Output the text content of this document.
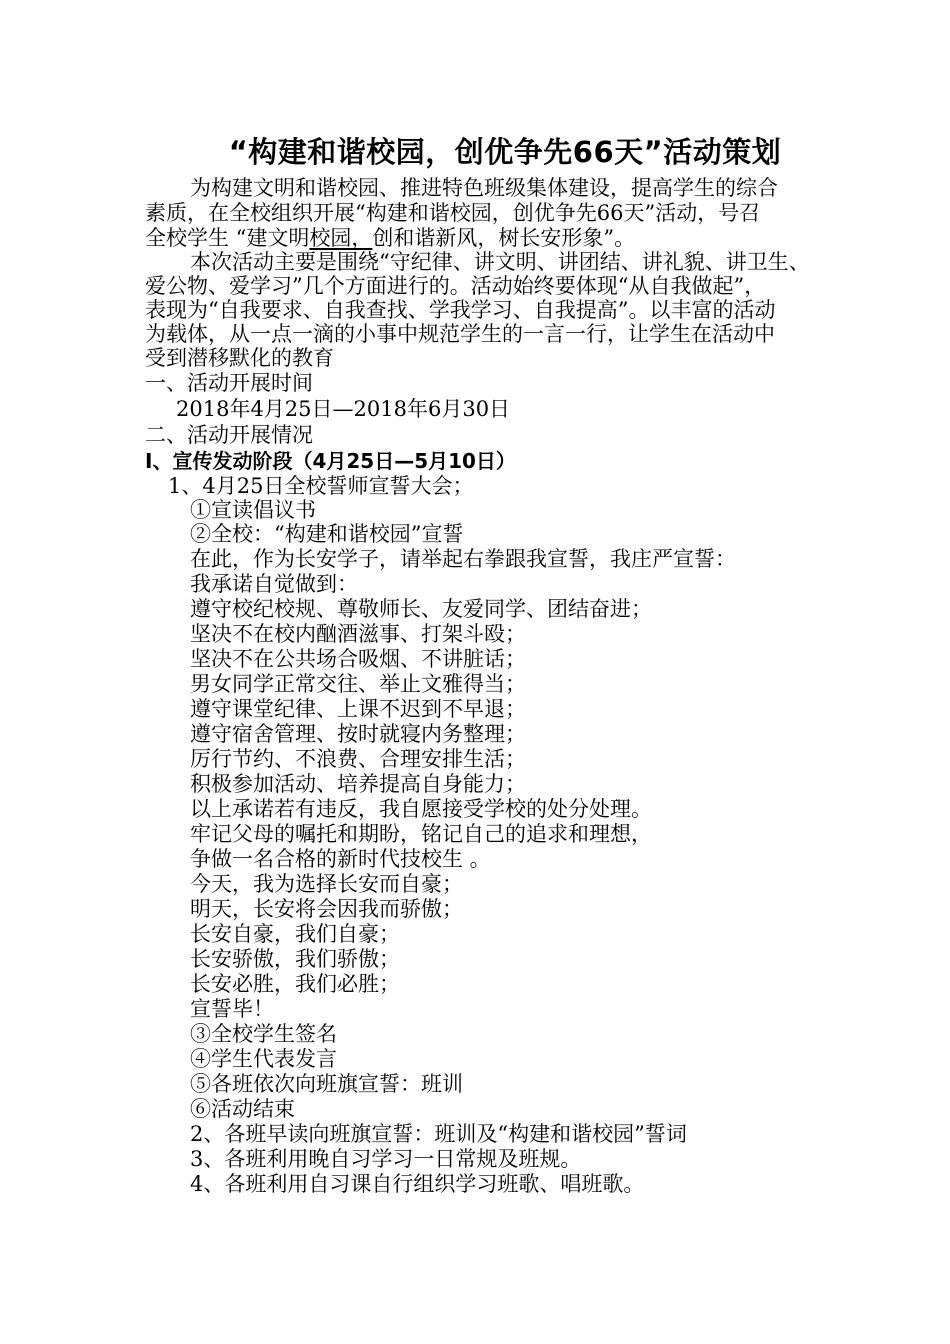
“构建和谐校园，创优争先66天”活动策划
为构建文明和谐校园、推进特色班级集体建设，提高学生的综合
素质，在全校组织开展“构建和谐校园，创优争先66天”活动，号召
全校学生 “建文明校园，创和谐新风，树长安形象”。
本次活动主要是围绕“守纪律、讲文明、讲团结、讲礼貌、讲卫生、
爱公物、爱学习”几个方面进行的。活动始终要体现“从自我做起”，
表现为“自我要求、自我查找、学我学习、自我提高”。以丰富的活动
为载体，从一点一滴的小事中规范学生的一言一行，让学生在活动中
受到潜移默化的教育
一、活动开展时间
2018年4月25日—2018年6月30日
二、活动开展情况
I、宣传发动阶段（4月25日—5月10日）
1、4月25日全校誓师宣誓大会；
①宣读倡议书
②全校：“构建和谐校园”宣誓
在此，作为长安学子，请举起右拳跟我宣誓，我庄严宣誓：
我承诺自觉做到：
遵守校纪校规、尊敬师长、友爱同学、团结奋进；
坚决不在校内酗酒滋事、打架斗殴；
坚决不在公共场合吸烟、不讲脏话；
男女同学正常交往、举止文雅得当；
遵守课堂纪律、上课不迟到不早退；
遵守宿舍管理、按时就寝内务整理；
厉行节约、不浪费、合理安排生活；
积极参加活动、培养提高自身能力；
以上承诺若有违反，我自愿接受学校的处分处理。
牢记父母的嘱托和期盼，铭记自己的追求和理想，
争做一名合格的新时代技校生 。
今天，我为选择长安而自豪；
明天，长安将会因我而骄傲；
长安自豪，我们自豪；
长安骄傲，我们骄傲；
长安必胜，我们必胜；
宣誓毕！
③全校学生签名
④学生代表发言
⑤各班依次向班旗宣誓：班训
⑥活动结束
2、各班早读向班旗宣誓：班训及“构建和谐校园”誓词
3、各班利用晚自习学习一日常规及班规。
4、各班利用自习课自行组织学习班歌、唱班歌。
